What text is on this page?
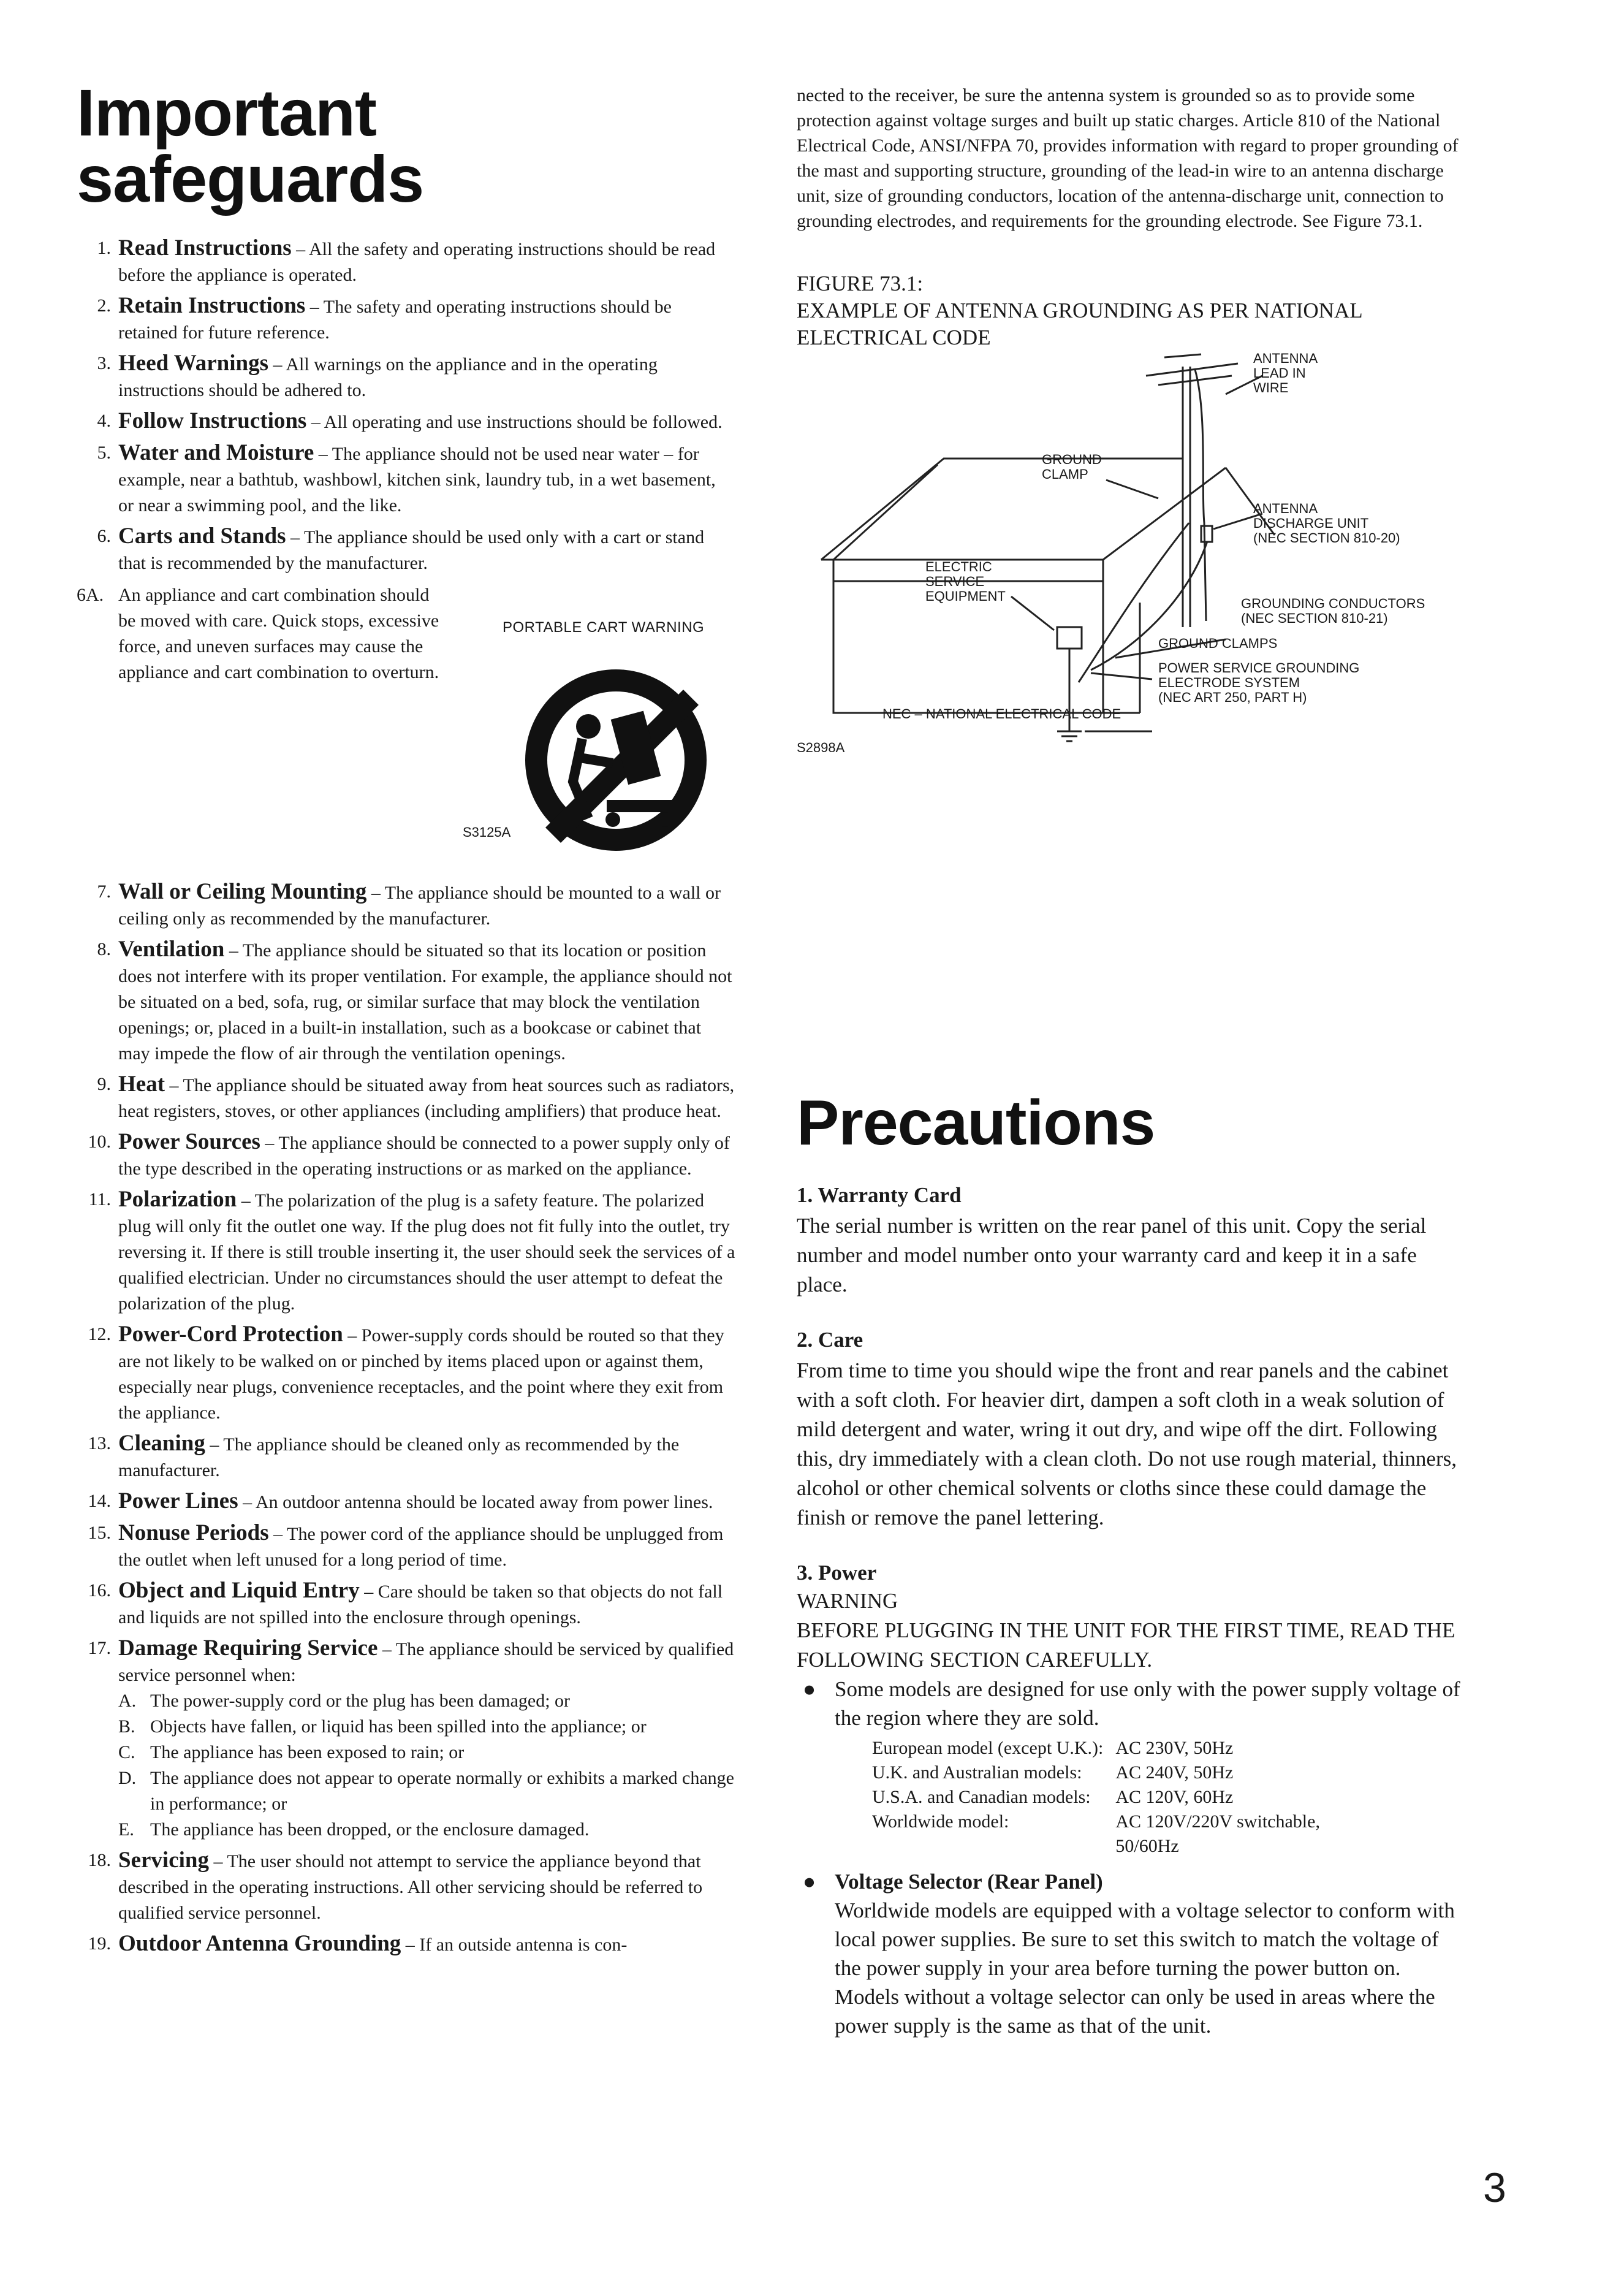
Important safeguards
1. Read Instructions – All the safety and operating instructions should be read before the appliance is operated.
2. Retain Instructions – The safety and operating instructions should be retained for future reference.
3. Heed Warnings – All warnings on the appliance and in the operating instructions should be adhered to.
4. Follow Instructions – All operating and use instructions should be followed.
5. Water and Moisture – The appliance should not be used near water – for example, near a bathtub, washbowl, kitchen sink, laundry tub, in a wet basement, or near a swimming pool, and the like.
6. Carts and Stands – The appliance should be used only with a cart or stand that is recommended by the manufacturer.
6A. An appliance and cart combination should be moved with care. Quick stops, excessive force, and uneven surfaces may cause the appliance and cart combination to overturn.
PORTABLE CART WARNING
S3125A
7. Wall or Ceiling Mounting – The appliance should be mounted to a wall or ceiling only as recommended by the manufacturer.
8. Ventilation – The appliance should be situated so that its location or position does not interfere with its proper ventilation. For example, the appliance should not be situated on a bed, sofa, rug, or similar surface that may block the ventilation openings; or, placed in a built-in installation, such as a bookcase or cabinet that may impede the flow of air through the ventilation openings.
9. Heat – The appliance should be situated away from heat sources such as radiators, heat registers, stoves, or other appliances (including amplifiers) that produce heat.
10. Power Sources – The appliance should be connected to a power supply only of the type described in the operating instructions or as marked on the appliance.
11. Polarization – The polarization of the plug is a safety feature. The polarized plug will only fit the outlet one way. If the plug does not fit fully into the outlet, try reversing it. If there is still trouble inserting it, the user should seek the services of a qualified electrician. Under no circumstances should the user attempt to defeat the polarization of the plug.
12. Power-Cord Protection – Power-supply cords should be routed so that they are not likely to be walked on or pinched by items placed upon or against them, especially near plugs, convenience receptacles, and the point where they exit from the appliance.
13. Cleaning – The appliance should be cleaned only as recommended by the manufacturer.
14. Power Lines – An outdoor antenna should be located away from power lines.
15. Nonuse Periods – The power cord of the appliance should be unplugged from the outlet when left unused for a long period of time.
16. Object and Liquid Entry – Care should be taken so that objects do not fall and liquids are not spilled into the enclosure through openings.
17. Damage Requiring Service – The appliance should be serviced by qualified service personnel when:
A. The power-supply cord or the plug has been damaged; or
B. Objects have fallen, or liquid has been spilled into the appliance; or
C. The appliance has been exposed to rain; or
D. The appliance does not appear to operate normally or exhibits a marked change in performance; or
E. The appliance has been dropped, or the enclosure damaged.
18. Servicing – The user should not attempt to service the appliance beyond that described in the operating instructions. All other servicing should be referred to qualified service personnel.
19. Outdoor Antenna Grounding – If an outside antenna is con-

nected to the receiver, be sure the antenna system is grounded so as to provide some protection against voltage surges and built up static charges. Article 810 of the National Electrical Code, ANSI/NFPA 70, provides information with regard to proper grounding of the mast and supporting structure, grounding of the lead-in wire to an antenna discharge unit, size of grounding conductors, location of the antenna-discharge unit, connection to grounding electrodes, and requirements for the grounding electrode. See Figure 73.1.

FIGURE 73.1:
EXAMPLE OF ANTENNA GROUNDING AS PER NATIONAL ELECTRICAL CODE

ANTENNA
LEAD IN
WIRE
GROUND
CLAMP
ANTENNA
DISCHARGE UNIT
(NEC SECTION 810-20)
ELECTRIC
SERVICE
EQUIPMENT	GROUNDING CONDUCTORS
(NEC SECTION 810-21)
GROUND CLAMPS
POWER SERVICE GROUNDING
ELECTRODE SYSTEM
(NEC ART 250, PART H)
NEC – NATIONAL ELECTRICAL CODE
S2898A
Precautions

1. Warranty Card

The serial number is written on the rear panel of this unit. Copy the serial number and model number onto your warranty card and keep it in a safe place.

2. Care

From time to time you should wipe the front and rear panels and the cabinet with a soft cloth. For heavier dirt, dampen a soft cloth in a weak solution of mild detergent and water, wring it out dry, and wipe off the dirt. Following this, dry immediately with a clean cloth. Do not use rough material, thinners, alcohol or other chemical solvents or cloths since these could damage the finish or remove the panel lettering.

3. Power

WARNING

BEFORE PLUGGING IN THE UNIT FOR THE FIRST TIME, READ THE FOLLOWING SECTION CAREFULLY.

● Some models are designed for use only with the power supply voltage of the region where they are sold.

European model (except U.K.):	AC 230V, 50Hz
U.K. and Australian models:	AC 240V, 50Hz
U.S.A. and Canadian models:	AC 120V, 60Hz
Worldwide model:	AC 120V/220V switchable, 50/60Hz

● Voltage Selector (Rear Panel)

Worldwide models are equipped with a voltage selector to conform with local power supplies. Be sure to set this switch to match the voltage of the power supply in your area before turning the power button on. Models without a voltage selector can only be used in areas where the power supply is the same as that of the unit.

3
